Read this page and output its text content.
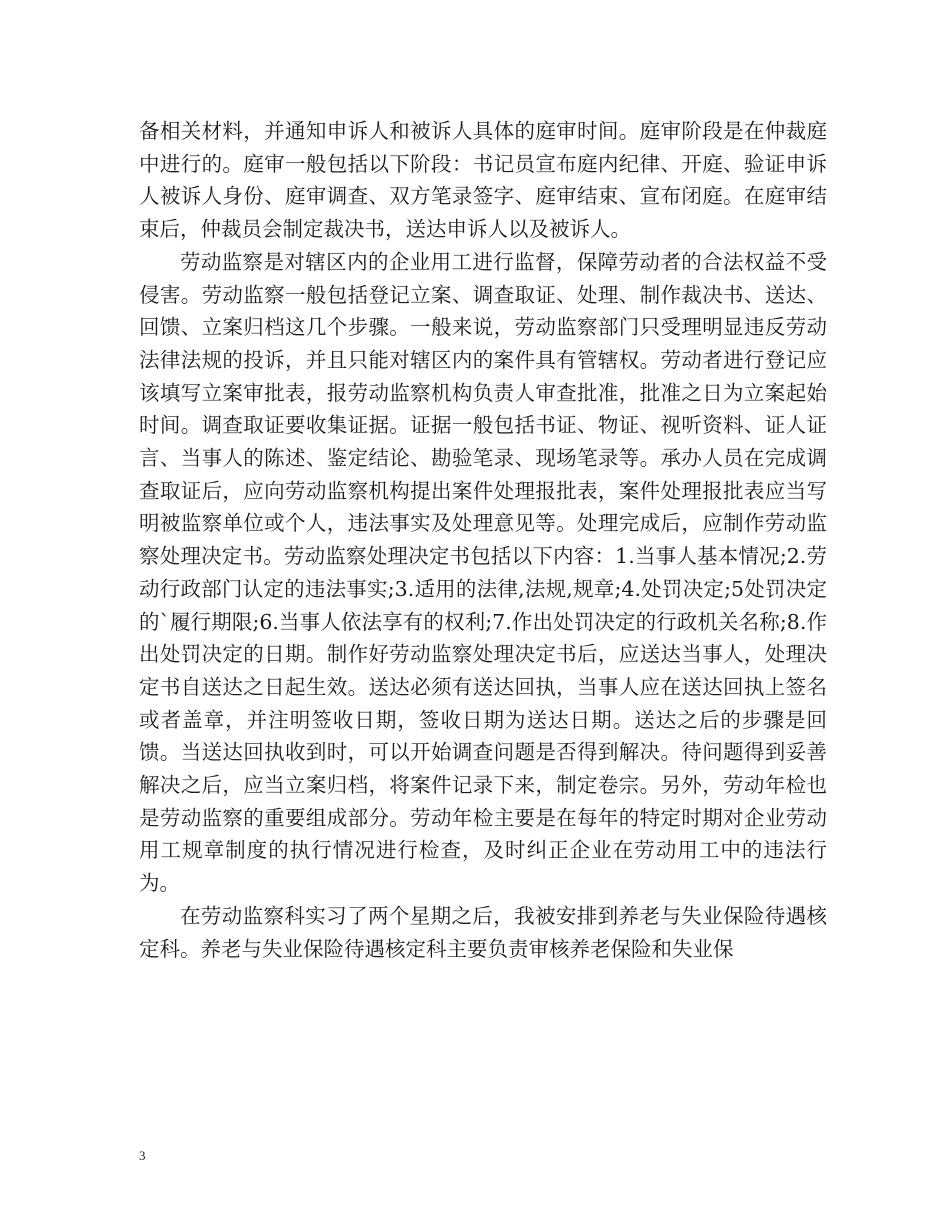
备相关材料，并通知申诉人和被诉人具体的庭审时间。庭审阶段是在仲裁庭中进行的。庭审一般包括以下阶段：书记员宣布庭内纪律、开庭、验证申诉人被诉人身份、庭审调查、双方笔录签字、庭审结束、宣布闭庭。在庭审结束后，仲裁员会制定裁决书，送达申诉人以及被诉人。

劳动监察是对辖区内的企业用工进行监督，保障劳动者的合法权益不受侵害。劳动监察一般包括登记立案、调查取证、处理、制作裁决书、送达、回馈、立案归档这几个步骤。一般来说，劳动监察部门只受理明显违反劳动法律法规的投诉，并且只能对辖区内的案件具有管辖权。劳动者进行登记应该填写立案审批表，报劳动监察机构负责人审查批准，批准之日为立案起始时间。调查取证要收集证据。证据一般包括书证、物证、视听资料、证人证言、当事人的陈述、鉴定结论、勘验笔录、现场笔录等。承办人员在完成调查取证后，应向劳动监察机构提出案件处理报批表，案件处理报批表应当写明被监察单位或个人，违法事实及处理意见等。处理完成后，应制作劳动监察处理决定书。劳动监察处理决定书包括以下内容：1.当事人基本情况;2.劳动行政部门认定的违法事实;3.适用的法律,法规,规章;4.处罚决定;5处罚决定的`履行期限;6.当事人依法享有的权利;7.作出处罚决定的行政机关名称;8.作出处罚决定的日期。制作好劳动监察处理决定书后，应送达当事人，处理决定书自送达之日起生效。送达必须有送达回执，当事人应在送达回执上签名或者盖章，并注明签收日期，签收日期为送达日期。送达之后的步骤是回馈。当送达回执收到时，可以开始调查问题是否得到解决。待问题得到妥善解决之后，应当立案归档，将案件记录下来，制定卷宗。另外，劳动年检也是劳动监察的重要组成部分。劳动年检主要是在每年的特定时期对企业劳动用工规章制度的执行情况进行检查，及时纠正企业在劳动用工中的违法行为。

在劳动监察科实习了两个星期之后，我被安排到养老与失业保险待遇核定科。养老与失业保险待遇核定科主要负责审核养老保险和失业保

3
